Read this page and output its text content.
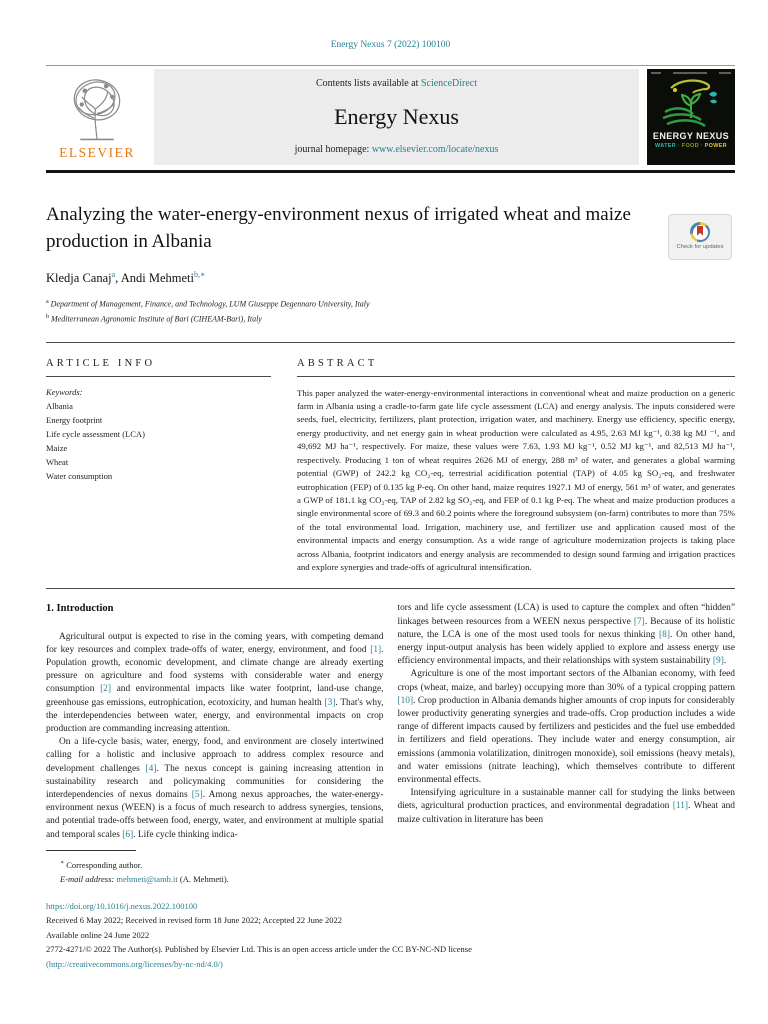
Energy Nexus 7 (2022) 100100
ELSEVIER
Contents lists available at ScienceDirect
Energy Nexus
journal homepage: www.elsevier.com/locate/nexus
ENERGY NEXUS
WATER · FOOD · POWER
Analyzing the water-energy-environment nexus of irrigated wheat and maize production in Albania	Check for updates
Kledja Canaj$^a$, Andi Mehmeti$^{b,∗}$
$^a$ Department of Management, Finance, and Technology, LUM Giuseppe Degennaro University, Italy
$^b$ Mediterranean Agronomic Institute of Bari (CIHEAM-Bari), Italy
ARTICLE INFO
Keywords:
Albania
Energy footprint
Life cycle assessment (LCA)
Maize
Wheat
Water consumption
ABSTRACT

This paper analyzed the water-energy-environmental interactions in conventional wheat and maize production on a generic farm in Albania using a cradle-to-farm gate life cycle assessment (LCA) and energy analysis. The inputs considered were seeds, fuel, electricity, fertilizers, plant protection, irrigation water, and machinery. Energy use efficiency, specific energy, energy productivity, and net energy gain in wheat production were calculated as 4.95, 2.63 MJ kg⁻¹, 0.38 kg MJ ⁻¹, and 49,692 MJ ha⁻¹, respectively. For maize, these values were 7.63, 1.93 MJ kg⁻¹, 0.52 MJ kg⁻¹, and 82,513 MJ ha⁻¹, respectively. Producing 1 ton of wheat requires 2626 MJ of energy, 288 m³ of water, and generates a global warming potential (GWP) of 242.2 kg CO₂-eq, terrestrial acidification potential (TAP) of 4.05 kg SO₂-eq, and freshwater eutrophication (FEP) of 0.135 kg P-eq. On other hand, maize requires 1927.1 MJ of energy, 561 m³ of water, and generates a GWP of 181.1 kg CO₂-eq, TAP of 2.82 kg SO₂-eq, and FEP of 0.1 kg P-eq. The wheat and maize production produces a single environmental score of 69.3 and 60.2 points where the foreground subsystem (on-farm) contributes to more than 75% of the total environmental load. Irrigation, machinery use, and fertilizer use and application caused most of the environmental impacts and energy consumption. As a wide range of agriculture modernization projects is taking place across Albania, footprint indicators and energy analysis are recommended to design sound farming and irrigation practices and explore synergies and trade-offs of agricultural intensification.

1. Introduction

Agricultural output is expected to rise in the coming years, with competing demand for key resources and complex trade-offs of water, energy, environment, and food [1]. Population growth, economic development, and climate change are already exerting pressure on agriculture and food systems with considerable water and energy consumption [2] and environmental impacts like water footprint, land-use change, greenhouse gas emissions, eutrophication, ecotoxicity, and human health [3]. That's why, the interdependencies between water, energy, and environmental impacts on crop production are commanding increasing attention.

On a life-cycle basis, water, energy, food, and environment are closely intertwined calling for a holistic and inclusive approach to address complex resource and development challenges [4]. The nexus concept is gaining increasing attention in sustainability research and policymaking communities for considering the interdependencies of nexus domains [5]. Among nexus approaches, the water-energy-environment nexus (WEEN) is a focus of much research to address synergies, tensions, and potential trade-offs between food, energy, water, and environment at multiple spatial and temporal scales [6]. Life cycle thinking indica-

tors and life cycle assessment (LCA) is used to capture the complex and often “hidden” linkages between resources from a WEEN nexus perspective [7]. Because of its holistic nature, the LCA is one of the most used tools for nexus thinking [8]. On other hand, energy input-output analysis has been widely applied to explore and assess energy use efficiency environmental impacts, and their relationships with system sustainability [9].

Agriculture is one of the most important sectors of the Albanian economy, with feed crops (wheat, maize, and barley) occupying more than 30% of a typical cropping pattern [10]. Crop production in Albania demands higher amounts of crop inputs for considerably lower productivity generating synergies and trade-offs. Crop production includes a wide range of different impacts caused by fertilizers and pesticides and the fuel use embedded in fertilizers and field operations. They include water and energy consumption, air emissions (ammonia volatilization, dinitrogen monoxide), soil emissions (heavy metals), and water emissions (nitrate leaching), which themselves contribute to different environmental effects.

Intensifying agriculture in a sustainable manner call for studying the links between diets, agricultural production practices, and environmental degradation [11]. Wheat and maize cultivation in literature has been

∗ Corresponding author.
E-mail address: mehmeti@iamb.it (A. Mehmeti).
https://doi.org/10.1016/j.nexus.2022.100100
Received 6 May 2022; Received in revised form 18 June 2022; Accepted 22 June 2022
Available online 24 June 2022
2772-4271/© 2022 The Author(s). Published by Elsevier Ltd. This is an open access article under the CC BY-NC-ND license
(http://creativecommons.org/licenses/by-nc-nd/4.0/)
